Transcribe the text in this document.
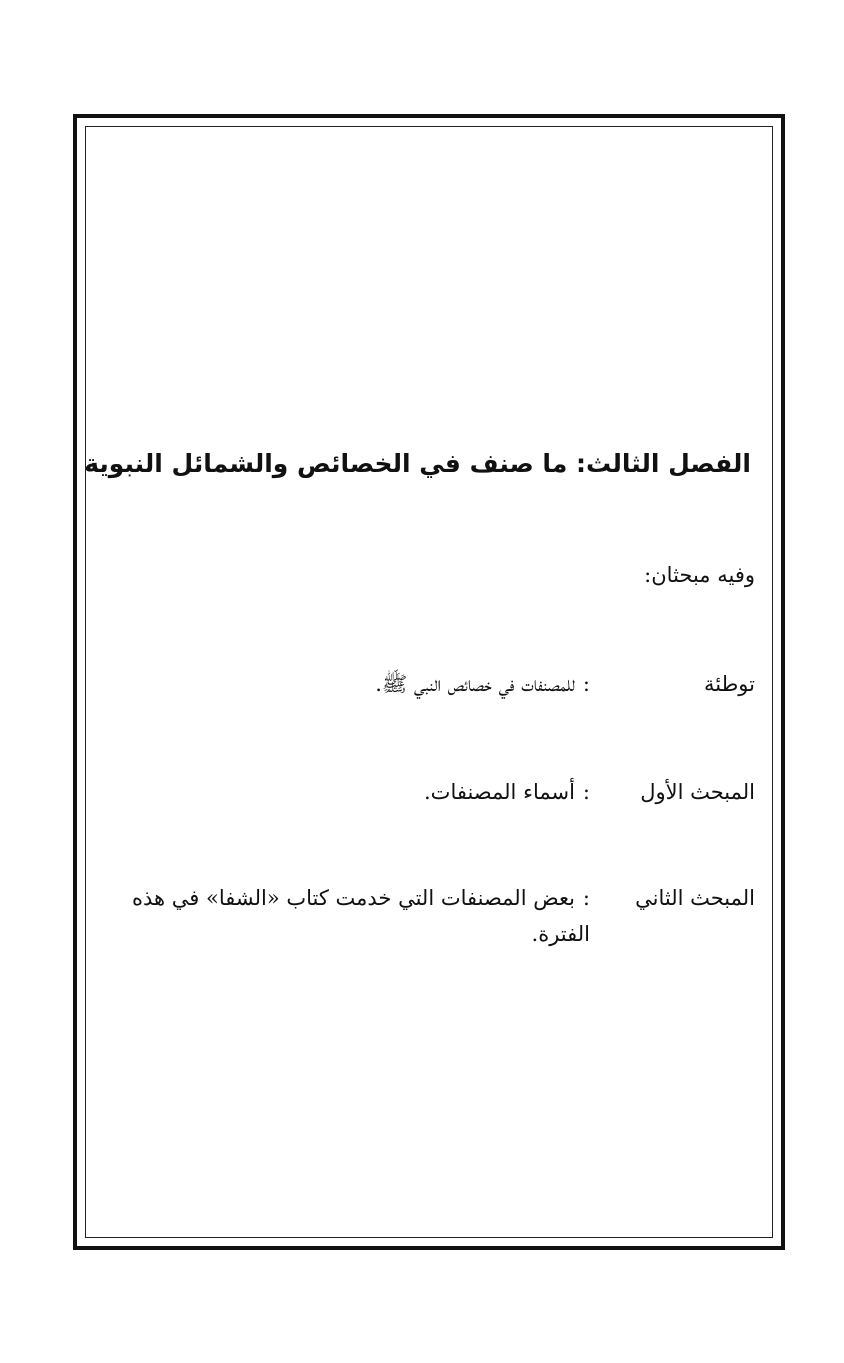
الفصل الثالث: ما صنف في الخصائص والشمائل النبوية
وفيه مبحثان:
توطئة
:للمصنفات في خصائص النبي ﷺ.
المبحث الأول
:أسماء المصنفات.
المبحث الثاني
:بعض المصنفات التي خدمت كتاب «الشفا» في هذه الفترة.
